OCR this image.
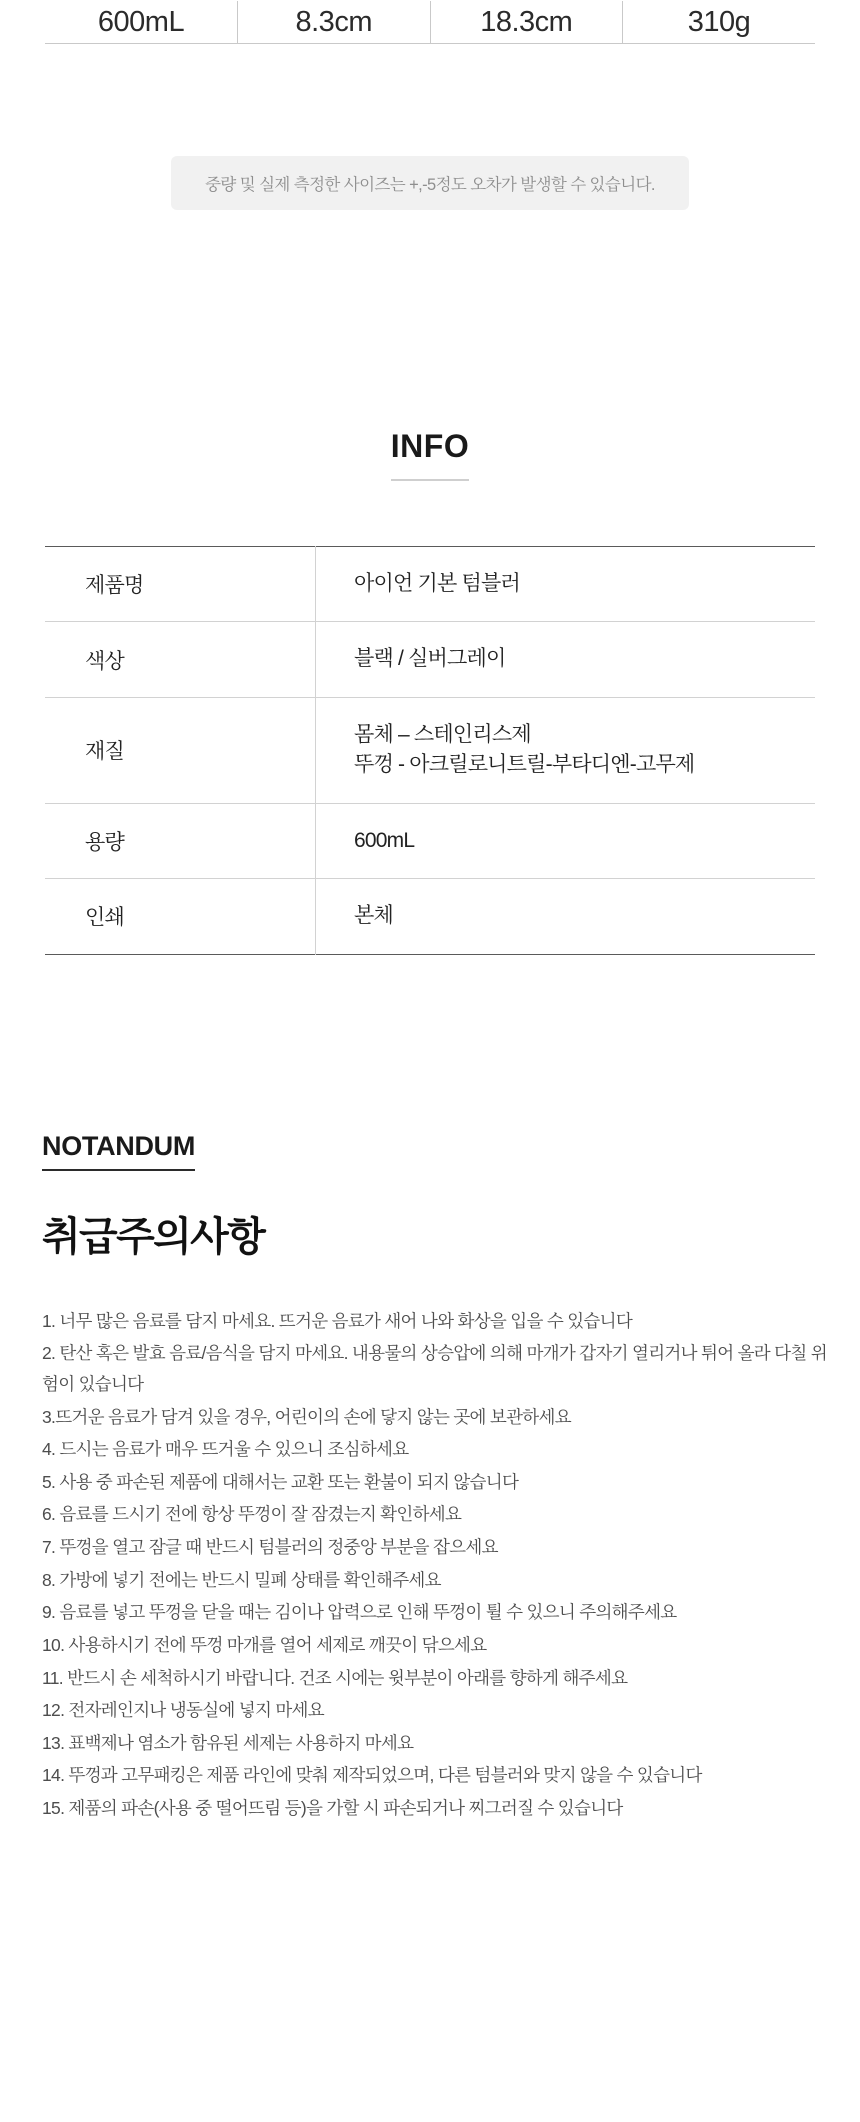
600mL	8.3cm	18.3cm	310g
중량 및 실제 측정한 사이즈는 +,-5정도 오차가 발생할 수 있습니다.
INFO
제품명	아이언 기본 텀블러
색상	블랙 / 실버그레이
재질	몸체 – 스테인리스제
뚜껑 - 아크릴로니트릴-부타디엔-고무제

용량	600mL
인쇄	본체
NOTANDUM
취급주의사항
1. 너무 많은 음료를 담지 마세요. 뜨거운 음료가 새어 나와 화상을 입을 수 있습니다
2. 탄산 혹은 발효 음료/음식을 담지 마세요. 내용물의 상승압에 의해 마개가 갑자기 열리거나 튀어 올라 다칠 위험이 있습니다
3.뜨거운 음료가 담겨 있을 경우, 어린이의 손에 닿지 않는 곳에 보관하세요
4. 드시는 음료가 매우 뜨거울 수 있으니 조심하세요
5. 사용 중 파손된 제품에 대해서는 교환 또는 환불이 되지 않습니다
6. 음료를 드시기 전에 항상 뚜껑이 잘 잠겼는지 확인하세요
7. 뚜껑을 열고 잠글 때 반드시 텀블러의 정중앙 부분을 잡으세요
8. 가방에 넣기 전에는 반드시 밀폐 상태를 확인해주세요
9. 음료를 넣고 뚜껑을 닫을 때는 김이나 압력으로 인해 뚜껑이 튈 수 있으니 주의해주세요
10. 사용하시기 전에 뚜껑 마개를 열어 세제로 깨끗이 닦으세요
11. 반드시 손 세척하시기 바랍니다. 건조 시에는 윗부분이 아래를 향하게 해주세요
12. 전자레인지나 냉동실에 넣지 마세요
13. 표백제나 염소가 함유된 세제는 사용하지 마세요
14. 뚜껑과 고무패킹은 제품 라인에 맞춰 제작되었으며, 다른 텀블러와 맞지 않을 수 있습니다
15. 제품의 파손(사용 중 떨어뜨림 등)을 가할 시 파손되거나 찌그러질 수 있습니다
